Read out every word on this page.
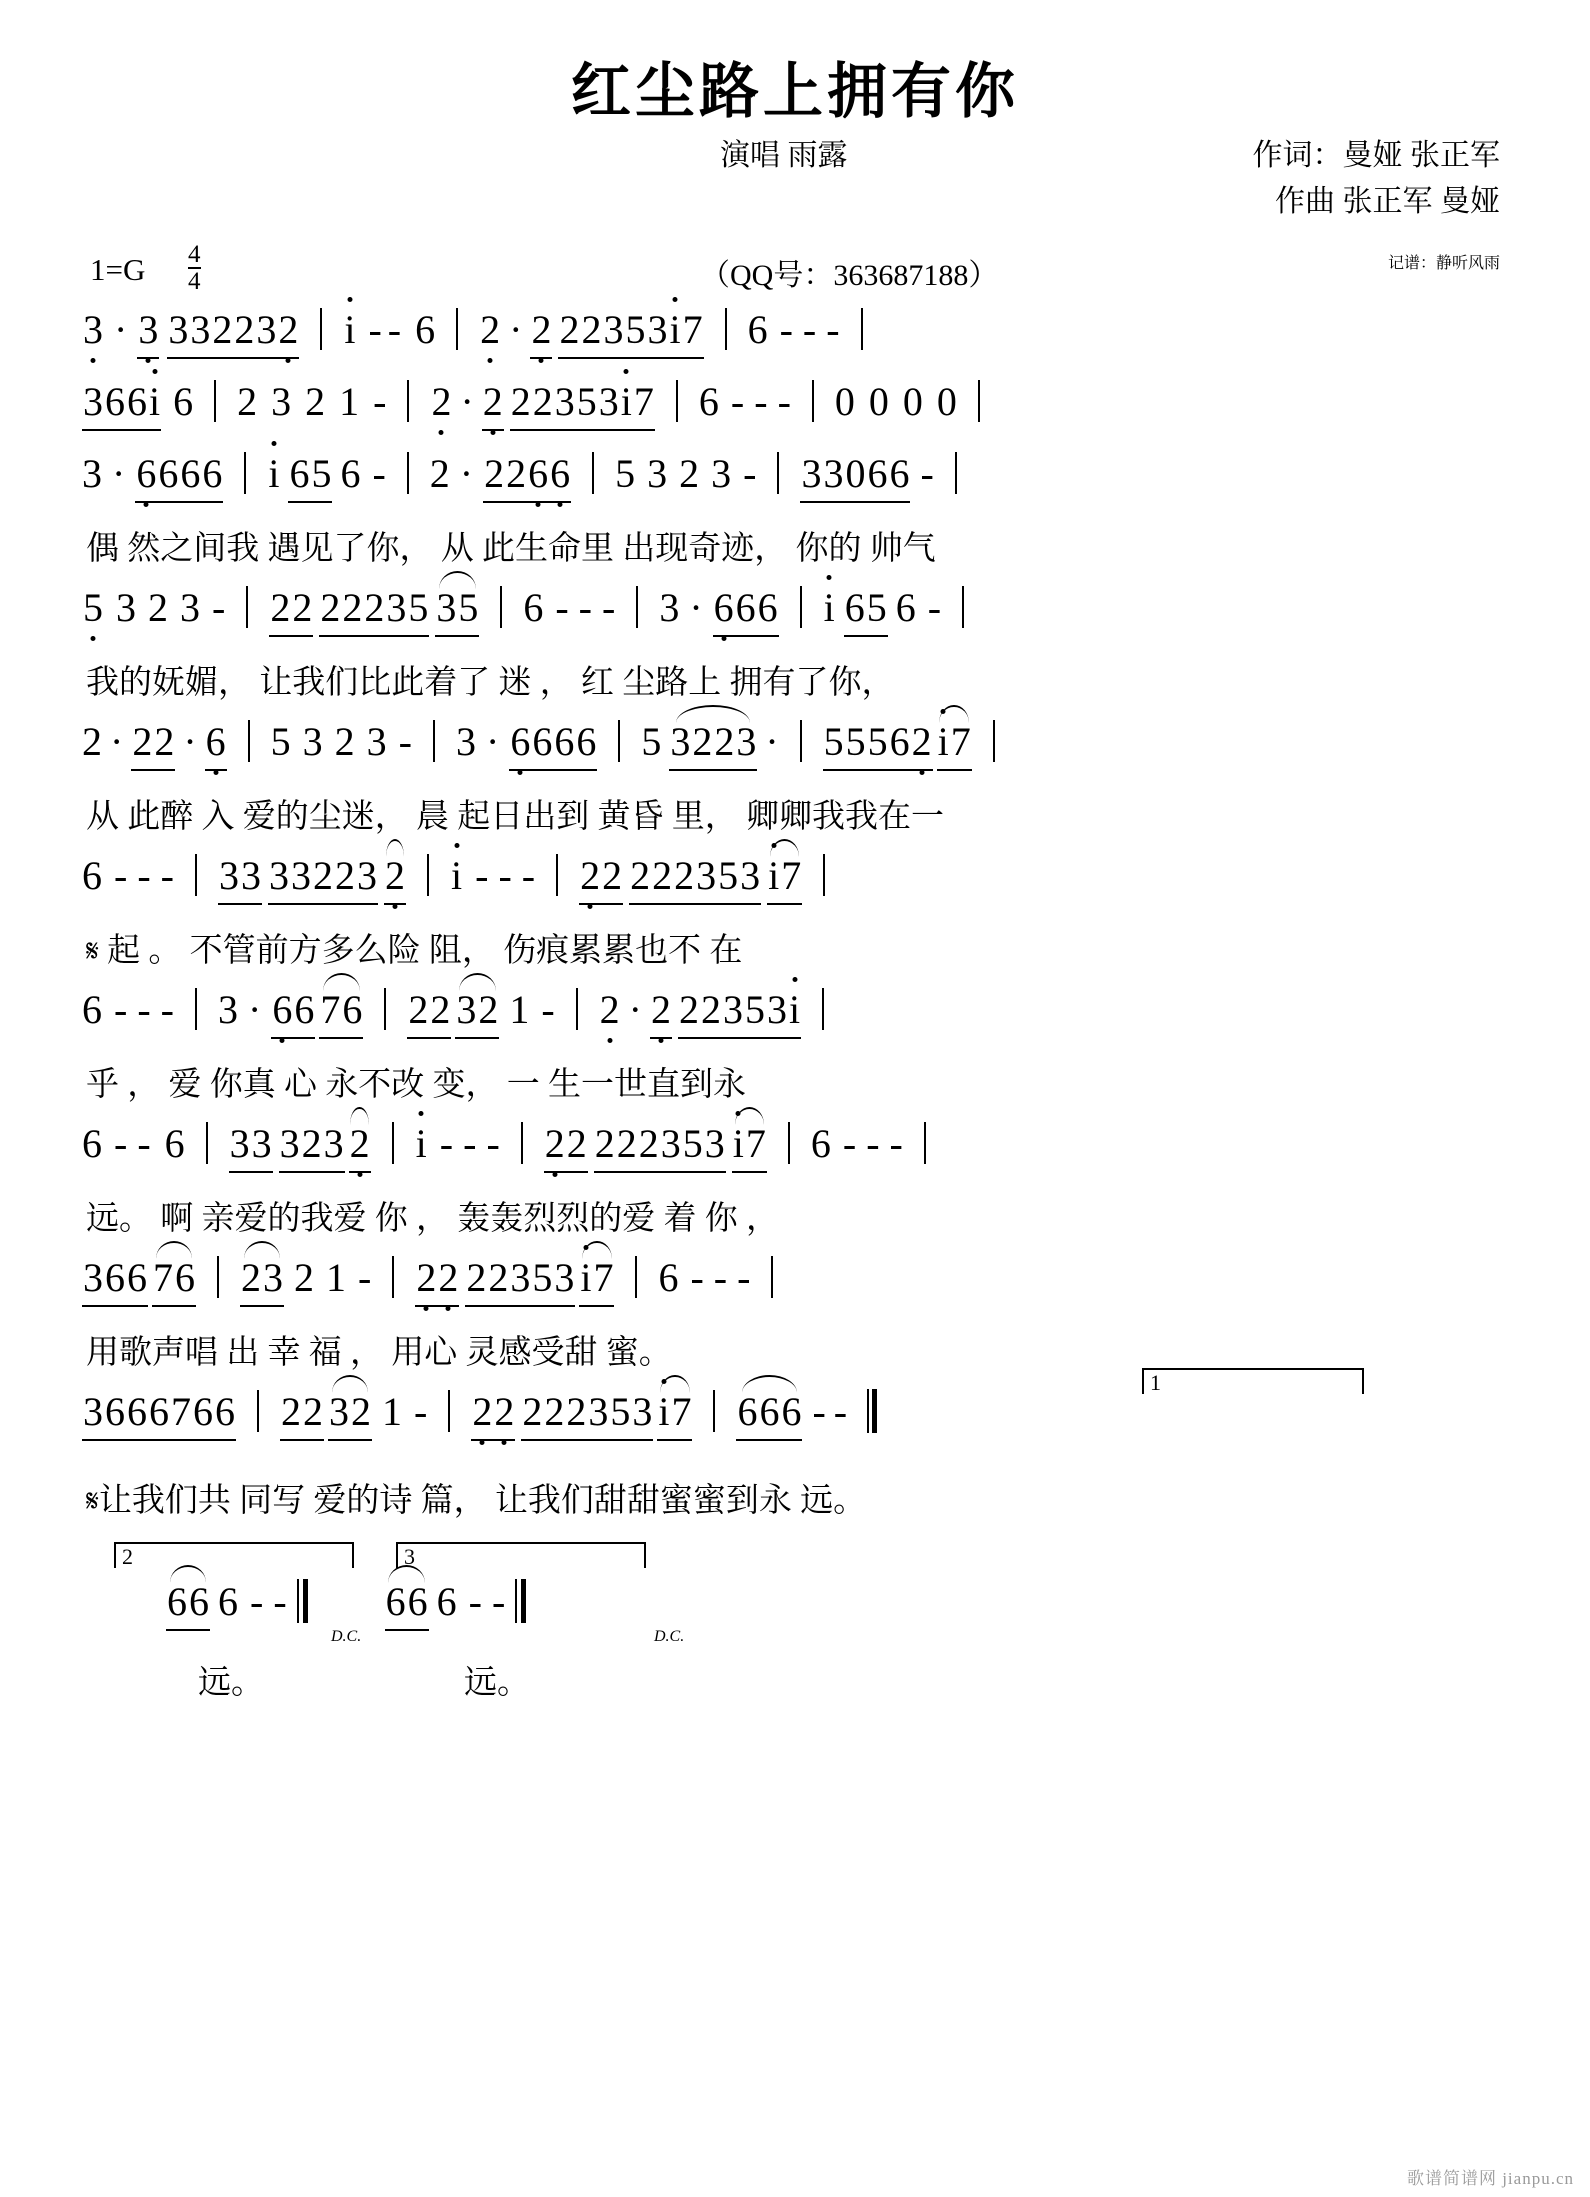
红尘路上拥有你
演唱 雨露	作词：曼娅 张正军
作曲 张正军 曼娅
$1=G \frac{4}{4}$	（QQ号：363687188）	记谱：静听风雨
3 · 3 332232 i - - 6  2 · 2 22353i7 6 - - -
366i 6 2 3 2 1 -  2 · 2 22353i7 6 - - -  0 0 0 0
3 · 6666 i 65 6 -  2 · 2266 5 3 2 3 -  33066 -
偶 然之间我 遇见了你， 从 此生命里 出现奇迹， 你的 帅气
5 3 2 3 -  22 22235 35 6 - - -  3 · 666 i 65 6 -
我的妩媚， 让我们比此着了 迷 ， 红 尘路上 拥有了你，
2 · 22 · 6 5 3 2 3 -  3 · 6666 5 3223 ·  55562 i7
从 此醉 入 爱的尘迷， 晨 起日出到 黄昏 里， 卿卿我我在一
6 - - -  33 33223 2 i - - -  22 222353 i7
𝄋 起 。 不管前方多么险 阻， 伤痕累累也不 在
6 - - -  3 · 66 76 22 32 1 -  2 · 2 22353i
乎 ， 爱 你真 心 永不改 变， 一 生一世直到永
6 - - 6  33 323 2 i - - -  22 222353 i7 6 - - -
远。 啊 亲爱的我爱 你 ， 轰轰烈烈的爱 着 你 ，
366 76 23 2 1 -  22 22353 i7 6 - - -
用歌声唱 出 幸 福 ， 用心 灵感受甜 蜜。
1
3666766 22 32 1 -  22 222353 i7 666 - -
𝄋让我们共 同写 爱的诗 篇， 让我们甜甜蜜蜜到永 远。
2	3
66 6 - - 66 6 - -
D.C.	D.C.
远。	远。
歌谱简谱网 jianpu.cn
